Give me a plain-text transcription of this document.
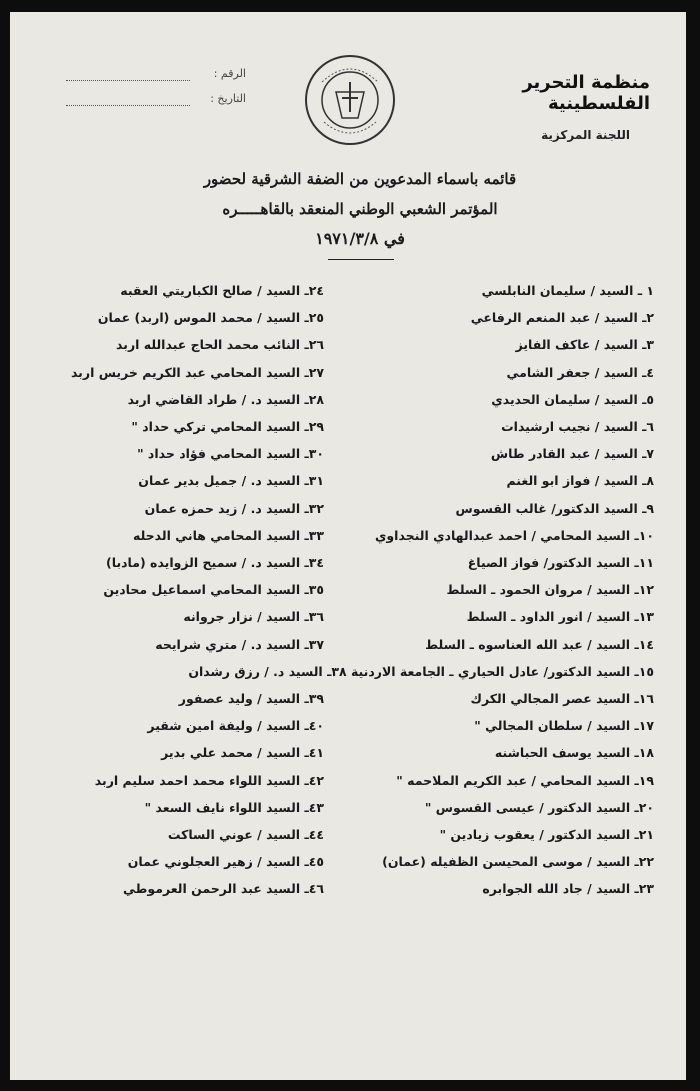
منظمة التحرير الفلسطينية
اللجنة المركزية
الرقم :
التاريخ :
قائمه باسماء المدعوين من الضفة الشرقية لحضور
المؤتمر الشعبي الوطني المنعقد بالقاهـــــره
في ١٩٧١/٣/٨
١ ـ السيد / سليمان النابلسي
٢٤ـ السيد / صالح الكباريتي العقبه
٢ـ السيد / عبد المنعم الرفاعي
٢٥ـ السيد / محمد الموس (اربد) عمان
٣ـ السيد / عاكف الفايز
٢٦ـ النائب محمد الحاج عبدالله اربد
٤ـ السيد / جعفر الشامي
٢٧ـ السيد المحامي عبد الكريم خريس اربد
٥ـ السيد / سليمان الحديدي
٢٨ـ السيد د. / طراد القاضي اربد
٦ـ السيد / نجيب ارشيدات
٢٩ـ السيد المحامي تركي حداد "
٧ـ السيد / عبد القادر طاش
٣٠ـ السيد المحامي فؤاد حداد "
٨ـ السيد / فواز ابو الغنم
٣١ـ السيد د. / جميل بدير عمان
٩ـ السيد الدكتور/ غالب القسوس
٣٢ـ السيد د. / زيد حمزه عمان
١٠ـ السيد المحامي / احمد عبدالهادي النجداوي
٣٣ـ السيد المحامي هاني الدحله
١١ـ السيد الدكتور/ فواز الصياغ
٣٤ـ السيد د. / سميح الزوايده (مادبا)
١٢ـ السيد / مروان الحمود ـ السلط
٣٥ـ السيد المحامي اسماعيل محادين
١٣ـ السيد / انور الداود ـ السلط
٣٦ـ السيد / نزار جروانه
١٤ـ السيد / عبد الله العناسوه ـ السلط
٣٧ـ السيد د. / متري شرايحه
١٥ـ السيد الدكتور/ عادل الحياري ـ الجامعة الاردنية ٣٨ـ السيد د. / رزق رشدان
١٦ـ السيد عصر المجالي الكرك
٣٩ـ السيد / وليد عصفور
١٧ـ السيد / سلطان المجالي "
٤٠ـ السيد / وليفة امين شقير
١٨ـ السيد يوسف الحباشنه
٤١ـ السيد / محمد علي بدير
١٩ـ السيد المحامي / عبد الكريم الملاحمه "
٤٢ـ السيد اللواء محمد احمد سليم اربد
٢٠ـ السيد الدكتور / عيسى القسوس "
٤٣ـ السيد اللواء نايف السعد "
٢١ـ السيد الدكتور / يعقوب زيادين "
٤٤ـ السيد / عوني الساكت
٢٢ـ السيد / موسى المحيسن الظفيله (عمان)
٤٥ـ السيد / زهير العجلوني عمان
٢٣ـ السيد / جاد الله الجوابره
٤٦ـ السيد عبد الرحمن العرموطي
